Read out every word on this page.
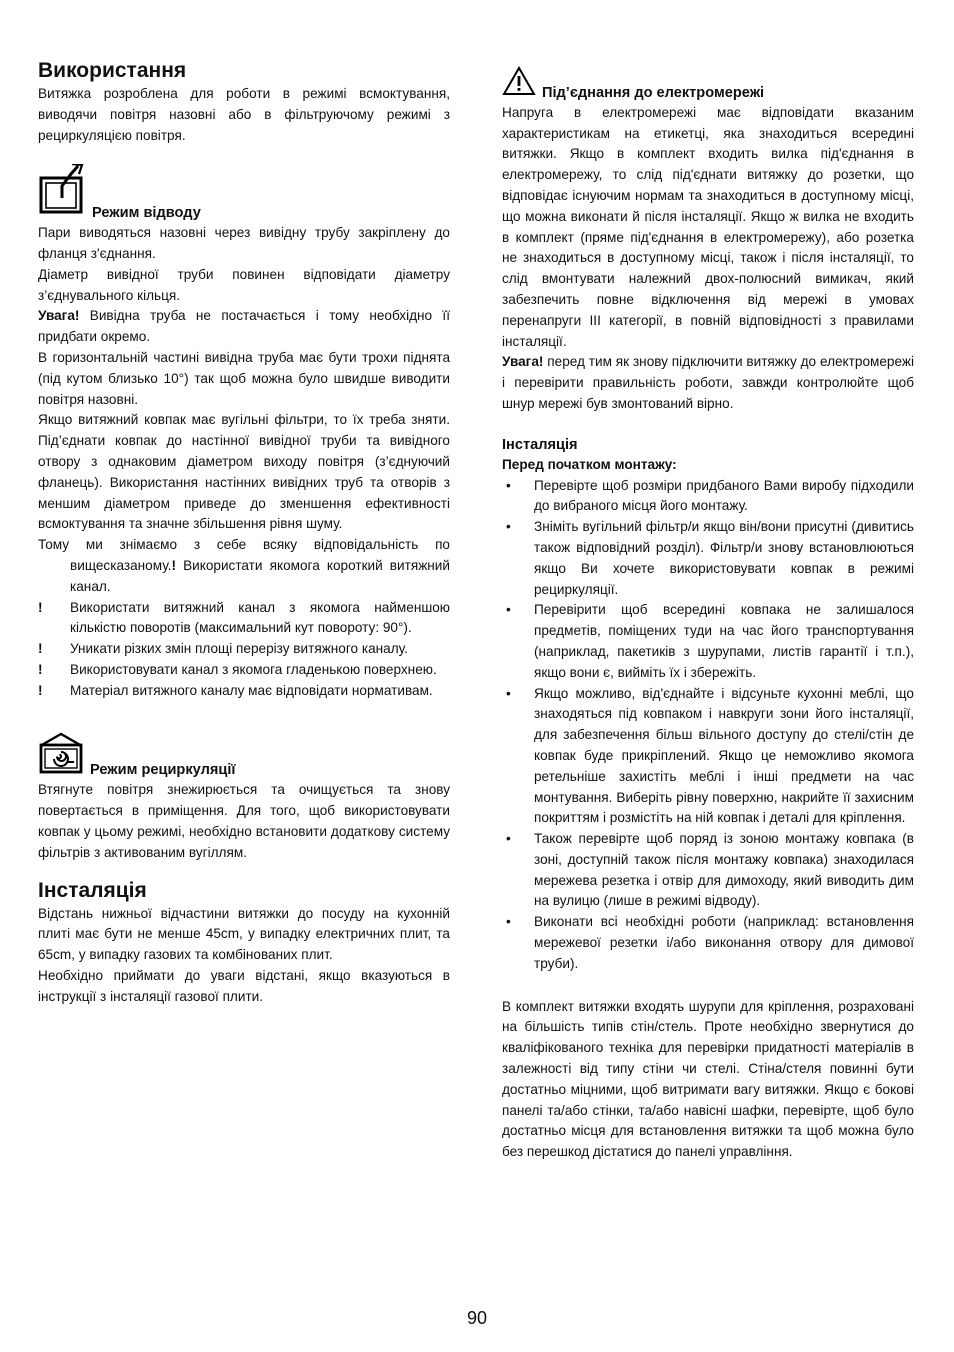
Використання

Витяжка розроблена для роботи в режимі всмоктування, виводячи повітря назовні або в фільтруючому режимі з рециркуляцією повітря.

Режим відводу

Пари виводяться назовні через вивідну трубу закріплену до фланця з'єднання.

Діаметр вивідної труби повинен відповідати діаметру з’єднувального кільця.

Увага! Вивідна труба не постачається і тому необхідно її придбати окремо.

В горизонтальній частині вивідна труба має бути трохи піднята (під кутом близько 10°) так щоб можна було швидше виводити повітря назовні.

Якщо витяжний ковпак має вугільні фільтри, то їх треба зняти. Під’єднати ковпак до настінної вивідної труби та вивідного отвору з однаковим діаметром виходу повітря (з’єднуючий фланець). Використання настінних вивідних труб та отворів з меншим діаметром приведе до зменшення ефективності всмоктування та значне збільшення рівня шуму.

Тому ми знімаємо з себе всяку відповідальність по вищесказаному.! Використати якомога короткий витяжний канал.

!	Використати витяжний канал з якомога найменшою кількістю поворотів (максимальний кут повороту: 90°).
!	Уникати різких змін площі перерізу витяжного каналу.
!	Використовувати канал з якомога гладенькою поверхнею.
!	Матеріал витяжного каналу має відповідати нормативам.
Режим рециркуляції

Втягнуте повітря знежирюється та очищується та знову повертається в приміщення. Для того, щоб використовувати ковпак у цьому режимі, необхідно встановити додаткову систему фільтрів з активованим вугіллям.

Інсталяція

Відстань нижньої відчастини витяжки до посуду на кухонній плиті має бути не менше 45cm, у випадку електричних плит, та 65cm, у випадку газових та комбінованих плит.

Необхідно приймати до уваги відстані, якщо вказуються в інструкції з інсталяції газової плити.

Під’єднання до електромережі

Напруга в електромережі має відповідати вказаним характеристикам на етикетці, яка знаходиться всередині витяжки. Якщо в комплект входить вилка під'єднання в електромережу, то слід під'єднати витяжку до розетки, що відповідає існуючим нормам та знаходиться в доступному місці, що можна виконати й після інсталяції. Якщо ж вилка не входить в комплект (пряме під'єднання в електромережу), або розетка не знаходиться в доступному місці, також і після інсталяції, то слід вмонтувати належний двох-полюсний вимикач, який забезпечить повне відключення від мережі в умовах перенапруги ІІІ категорії, в повній відповідності з правилами інсталяції.

Увага! перед тим як знову підключити витяжку до електромережі і перевірити правильність роботи, завжди контролюйте щоб шнур мережі був змонтований вірно.

Інсталяція

Перед початком монтажу:

•	Перевірте щоб розміри придбаного Вами виробу підходили до вибраного місця його монтажу.
•	Зніміть вугільний фільтр/и якщо він/вони присутні (дивитись також відповідний розділ). Фільтр/и знову встановлюються якщо Ви хочете використовувати ковпак в режимі рециркуляції.
•	Перевірити щоб всередині ковпака не залишалося предметів, поміщених туди на час його транспортування (наприклад, пакетиків з шурупами, листів гарантії і т.п.), якщо вони є, вийміть їх і збережіть.
•	Якщо можливо, від'єднайте і відсуньте кухонні меблі, що знаходяться під ковпаком і навкруги зони його інсталяції, для забезпечення більш вільного доступу до стелі/стін де ковпак буде прикріплений. Якщо це неможливо якомога ретельніше захистіть меблі і інші предмети на час монтування. Виберіть рівну поверхню, накрийте її захисним покриттям і розмістіть на ній ковпак і деталі для кріплення.
•	Також перевірте щоб поряд із зоною монтажу ковпака (в зоні, доступній також після монтажу ковпака) знаходилася мережева резетка і отвір для димоходу, який виводить дим на вулицю (лише в режимі відводу).
•	Виконати всі необхідні роботи (наприклад: встановлення мережевої резетки і/або виконання отвору для димової труби).

В комплект витяжки входять шурупи для кріплення, розраховані на більшість типів стін/стель. Проте необхідно звернутися до кваліфікованого техніка для перевірки придатності матеріалів в залежності від типу стіни чи стелі. Стіна/стеля повинні бути достатньо міцними, щоб витримати вагу витяжки. Якщо є бокові панелі та/або стінки, та/або навісні шафки, перевірте, щоб було достатньо місця для встановлення витяжки та щоб можна було без перешкод дістатися до панелі управління.

90
